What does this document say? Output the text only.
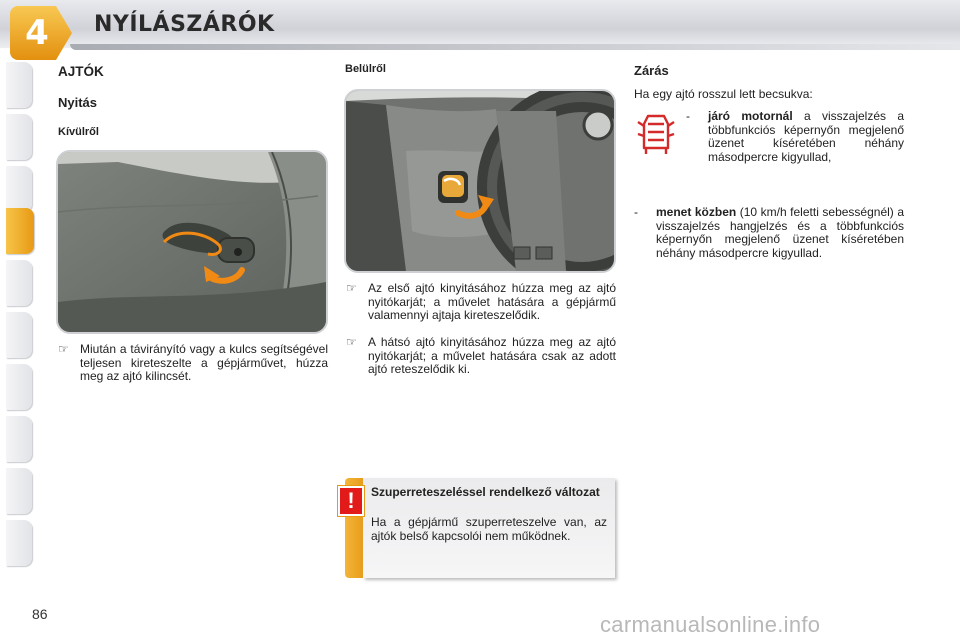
4	NYÍLÁSZÁRÓK
AJTÓK
Nyitás
Kívülről
☞ Miután a távirányító vagy a kulcs segítségével teljesen kireteszelte a gépjárművet, húzza meg az ajtó kilincsét.
Belülről
☞ Az első ajtó kinyitásához húzza meg az ajtó nyitókarját; a művelet hatására a gépjármű valamennyi ajtaja kireteszelődik.
☞ A hátsó ajtó kinyitásához húzza meg az ajtó nyitókarját; a művelet hatására csak az adott ajtó reteszelődik ki.
Zárás
Ha egy ajtó rosszul lett becsukva:
-	járó motornál a visszajelzés a többfunkciós képernyőn megjelenő üzenet kíséretében néhány másodpercre kigyullad,
-	menet közben (10 km/h feletti sebességnél) a visszajelzés hangjelzés és a többfunkciós képernyőn megjelenő üzenet kíséretében néhány másodpercre kigyullad.
Szuperreteszeléssel rendelkező változat
Ha a gépjármű szuperreteszelve van, az ajtók belső kapcsolói nem működnek.
!
86	carmanualsonline.info
